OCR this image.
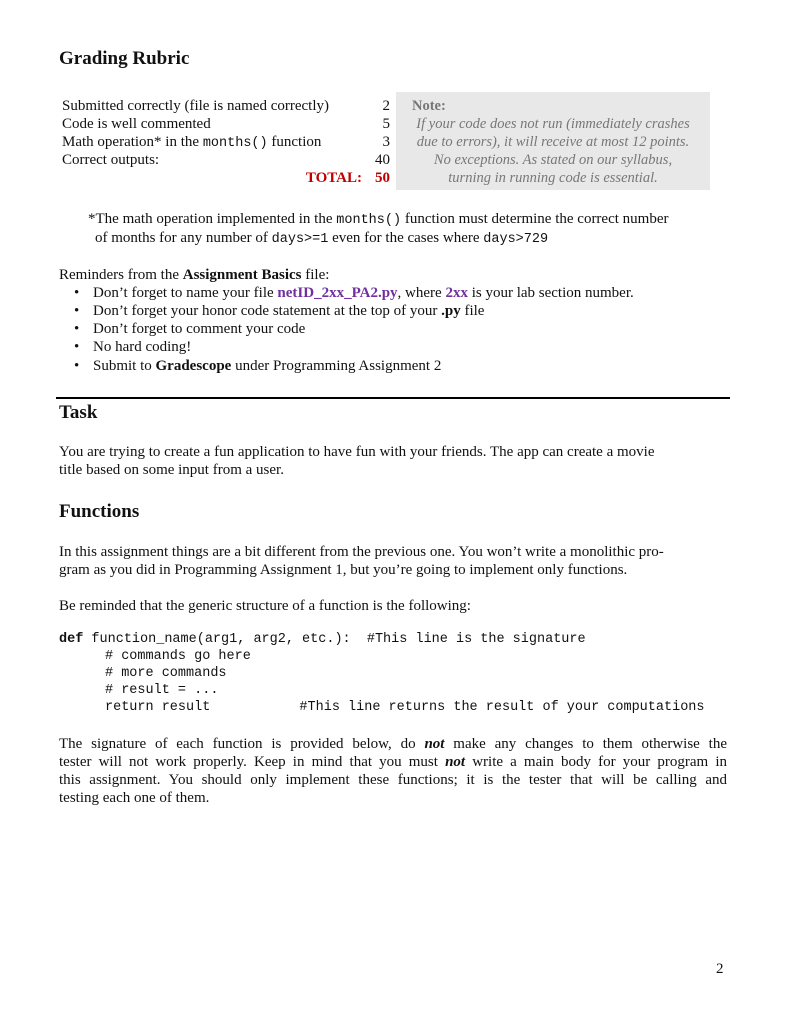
Grading Rubric
Submitted correctly (file is named correctly)	2
Code is well commented	5
Math operation* in the months() function	3
Correct outputs:	40
TOTAL: 50
Note:
If your code does not run (immediately crashes
due to errors), it will receive at most 12 points.
No exceptions. As stated on our syllabus,
turning in running code is essential.
*The math operation implemented in the months() function must determine the correct number
of months for any number of days>=1 even for the cases where days>729
Reminders from the Assignment Basics file:
• Don’t forget to name your file netID_2xx_PA2.py, where 2xx is your lab section number.
• Don’t forget your honor code statement at the top of your .py file
• Don’t forget to comment your code
• No hard coding!
• Submit to Gradescope under Programming Assignment 2
Task
You are trying to create a fun application to have fun with your friends. The app can create a movie
title based on some input from a user.
Functions
In this assignment things are a bit different from the previous one. You won’t write a monolithic pro-
gram as you did in Programming Assignment 1, but you’re going to implement only functions.
Be reminded that the generic structure of a function is the following:
def function_name(arg1, arg2, etc.):  #This line is the signature
# commands go here
# more commands
# result = ...
return result           #This line returns the result of your computations
The signature of each function is provided below, do not make any changes to them otherwise the
tester will not work properly. Keep in mind that you must not write a main body for your program in
this assignment. You should only implement these functions; it is the tester that will be calling and
testing each one of them.
2
